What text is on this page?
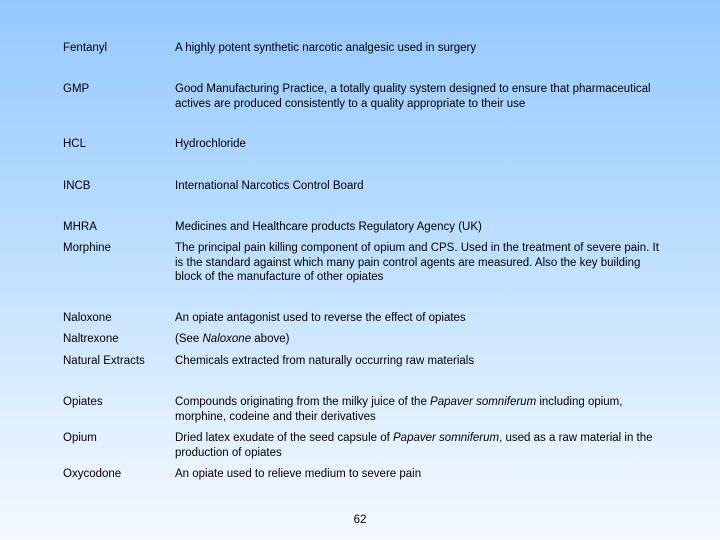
Fentanyl	A highly potent synthetic narcotic analgesic used in surgery
GMP	Good Manufacturing Practice, a totally quality system designed to ensure that pharmaceutical actives are produced consistently to a quality appropriate to their use
HCL	Hydrochloride
INCB	International Narcotics Control Board
MHRA	Medicines and Healthcare products Regulatory Agency (UK)
Morphine	The principal pain killing component of opium and CPS. Used in the treatment of severe pain. It is the standard against which many pain control agents are measured. Also the key building block of the manufacture of other opiates
Naloxone	An opiate antagonist used to reverse the effect of opiates
Naltrexone	(See Naloxone above)
Natural Extracts	Chemicals extracted from naturally occurring raw materials
Opiates	Compounds originating from the milky juice of the Papaver somniferum including opium, morphine, codeine and their derivatives
Opium	Dried latex exudate of the seed capsule of Papaver somniferum, used as a raw material in the production of opiates
Oxycodone	An opiate used to relieve medium to severe pain
62
